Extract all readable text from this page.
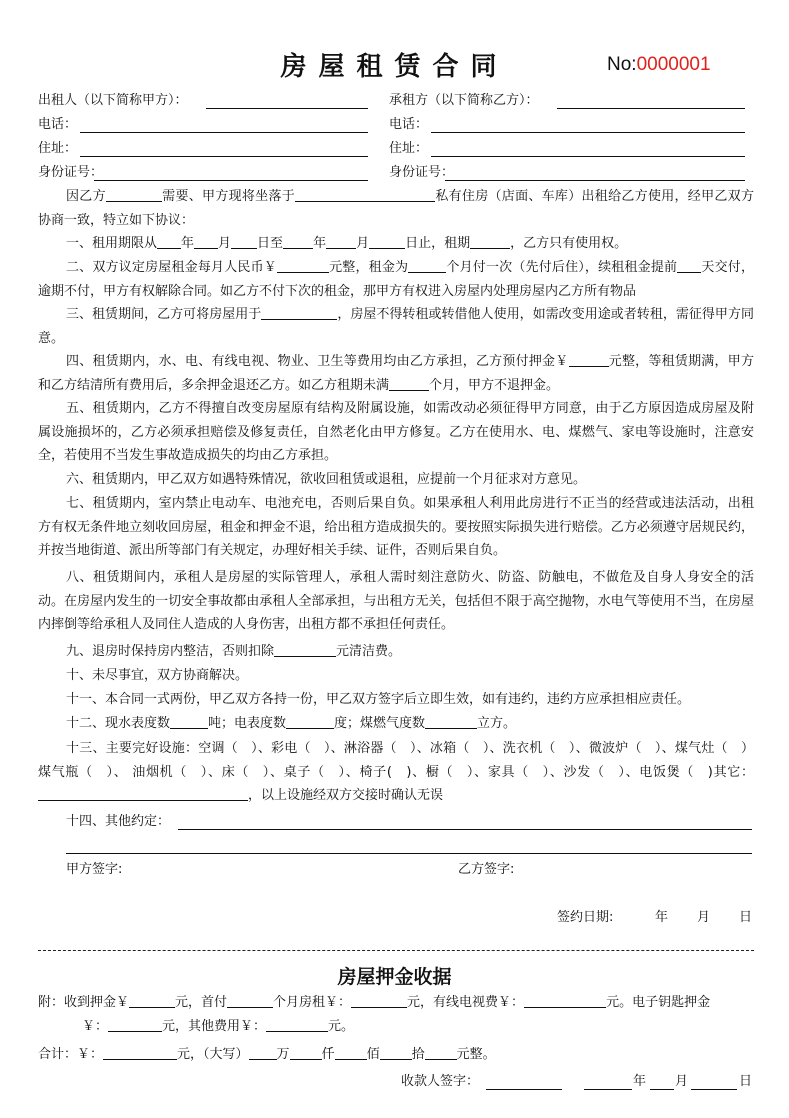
房屋租赁合同	No:0000001
出租人（以下简称甲方）：	承租方（以下简称乙方）：
电话：	电话：
住址：	住址：
身份证号：	身份证号：
因乙方	需要、甲方现将坐落于	私有住房（店面、车库）出租给乙方使用，经甲乙双方协商一致，特立如下协议：
一、租用期限从 年 月 日至 年 月	日止，租期	，乙方只有使用权。
二、双方议定房屋租金每月人民币￥	元整，租金为	个月付一次（先付后住），续租租金提前 天交付，逾期不付，甲方有权解除合同。如乙方不付下次的租金，那甲方有权进入房屋内处理房屋内乙方所有物品
三、租赁期间，乙方可将房屋用于	，房屋不得转租或转借他人使用，如需改变用途或者转租，需征得甲方同意。
四、租赁期内，水、电、有线电视、物业、卫生等费用均由乙方承担，乙方预付押金￥	元整，等租赁期满，甲方和乙方结清所有费用后，多余押金退还乙方。如乙方租期未满	个月，甲方不退押金。
五、租赁期内，乙方不得擅自改变房屋原有结构及附属设施，如需改动必须征得甲方同意，由于乙方原因造成房屋及附属设施损坏的，乙方必须承担赔偿及修复责任，自然老化由甲方修复。乙方在使用水、电、煤燃气、家电等设施时，注意安全，若使用不当发生事故造成损失的均由乙方承担。
六、租赁期内，甲乙双方如遇特殊情况，欲收回租赁或退租，应提前一个月征求对方意见。
七、租赁期内，室内禁止电动车、电池充电，否则后果自负。如果承租人利用此房进行不正当的经营或违法活动，出租方有权无条件地立刻收回房屋，租金和押金不退，给出租方造成损失的。要按照实际损失进行赔偿。乙方必须遵守居规民约，并按当地街道、派出所等部门有关规定，办理好相关手续、证件，否则后果自负。
八、租赁期间内，承租人是房屋的实际管理人，承租人需时刻注意防火、防盗、防触电，不做危及自身人身安全的活动。在房屋内发生的一切安全事故都由承租人全部承担，与出租方无关，包括但不限于高空抛物，水电气等使用不当，在房屋内摔倒等给承租人及同住人造成的人身伤害，出租方都不承担任何责任。
九、退房时保持房内整洁，否则扣除	元清洁费。
十、未尽事宜，双方协商解决。
十一、本合同一式两份，甲乙双方各持一份，甲乙双方签字后立即生效，如有违约，违约方应承担相应责任。
十二、现水表度数	吨；电表度数	度；煤燃气度数	立方。
十三、主要完好设施：空调（　）、彩电（　）、淋浴器（　）、冰箱（　）、洗衣机（　）、微波炉（　）、煤气灶（　）煤气瓶（　）、 油烟机（　）、床（　）、桌子（　）、椅子(　)、橱（　）、家具（　）、沙发（　）、电饭煲（　)其它：，以上设施经双方交接时确认无误
十四、其他约定：
甲方签字:	乙方签字:
签约日期:	年 月 日
房屋押金收据
附：收到押金￥	元，首付	个月房租￥：	元，有线电视费￥：	元。电子钥匙押金
￥：	元，其他费用￥：	元。
合计：￥：	元，（大写） 万 仟 佰 拾 元整。
收款人签字：	年 月	日
